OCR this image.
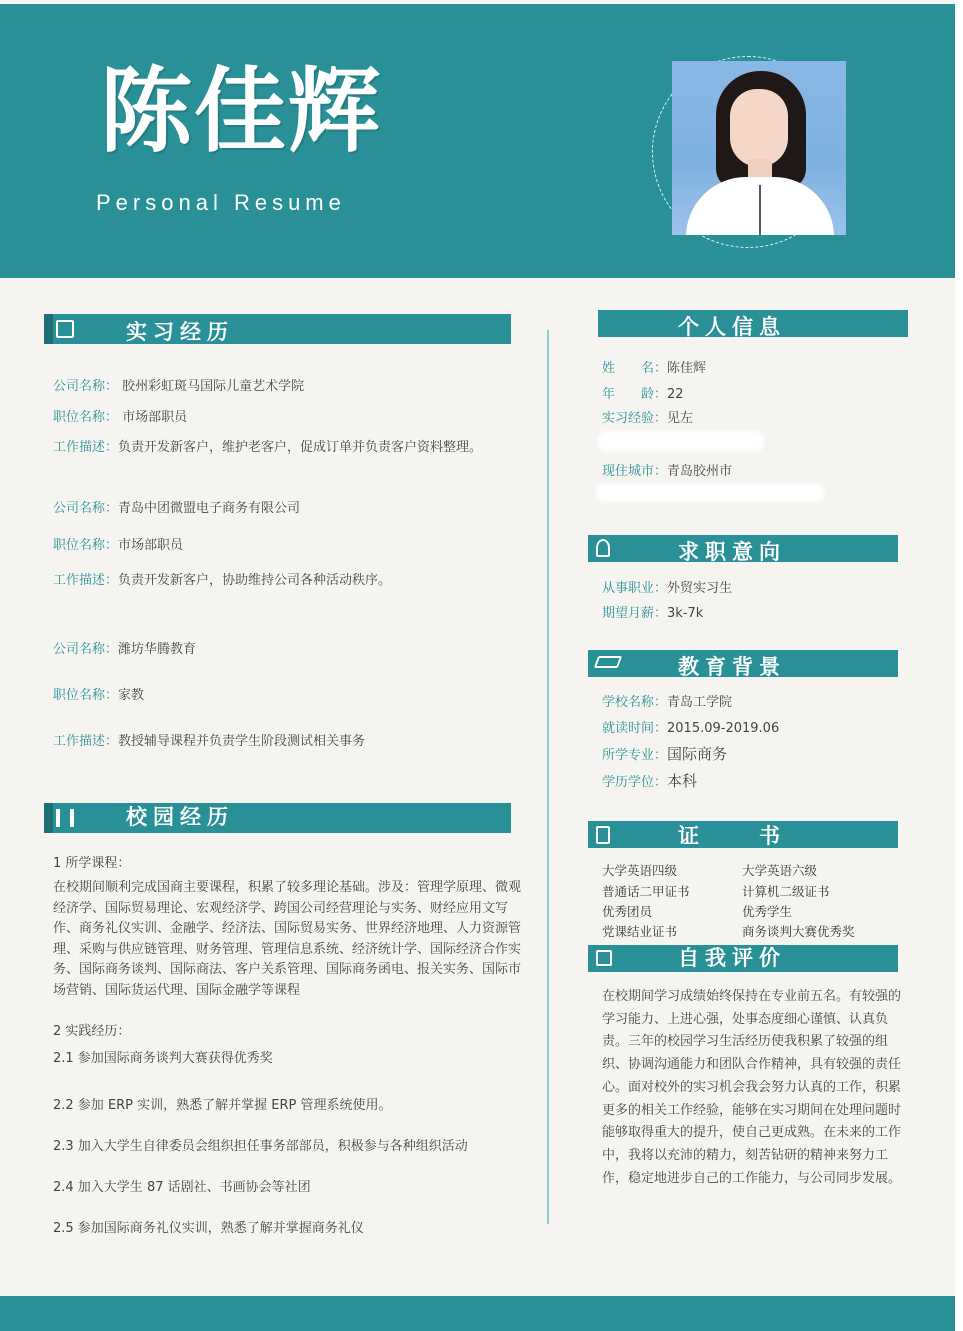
陈佳辉
Personal Resume
实习经历
公司名称： 胶州彩虹斑马国际儿童艺术学院
职位名称： 市场部职员
工作描述：负责开发新客户，维护老客户，促成订单并负责客户资料整理。
公司名称：青岛中团微盟电子商务有限公司
职位名称：市场部职员
工作描述：负责开发新客户，协助维持公司各种活动秩序。
公司名称：潍坊华腾教育
职位名称：家教
工作描述：教授辅导课程并负责学生阶段测试相关事务
校园经历
1 所学课程：
在校期间顺利完成国商主要课程，积累了较多理论基础。涉及：管理学原理、微观经济学、国际贸易理论、宏观经济学、跨国公司经营理论与实务、财经应用文写作、商务礼仪实训、金融学、经济法、国际贸易实务、世界经济地理、人力资源管理、采购与供应链管理、财务管理、管理信息系统、经济统计学、国际经济合作实务、国际商务谈判、国际商法、客户关系管理、国际商务函电、报关实务、国际市场营销、国际货运代理、国际金融学等课程
2 实践经历：
2.1 参加国际商务谈判大赛获得优秀奖
2.2 参加 ERP 实训，熟悉了解并掌握 ERP 管理系统使用。
2.3 加入大学生自律委员会组织担任事务部部员，积极参与各种组织活动
2.4 加入大学生 87 话剧社、书画协会等社团
2.5 参加国际商务礼仪实训，熟悉了解并掌握商务礼仪
个人信息
姓　　名：陈佳辉
年　　龄：22
实习经验：见左
现住城市：青岛胶州市
求职意向
从事职业：外贸实习生
期望月薪：3k-7k
教育背景
学校名称：青岛工学院
就读时间：2015.09-2019.06
所学专业：国际商务
学历学位：本科
证　　书
大学英语四级	大学英语六级
普通话二甲证书	计算机二级证书
优秀团员	优秀学生
党课结业证书	商务谈判大赛优秀奖
自我评价
在校期间学习成绩始终保持在专业前五名。有较强的学习能力、上进心强，处事态度细心谨慎、认真负责。三年的校园学习生活经历使我积累了较强的组织、协调沟通能力和团队合作精神，具有较强的责任心。面对校外的实习机会我会努力认真的工作，积累更多的相关工作经验，能够在实习期间在处理问题时能够取得重大的提升，使自己更成熟。在未来的工作中，我将以充沛的精力，刻苦钻研的精神来努力工作，稳定地进步自己的工作能力，与公司同步发展。
